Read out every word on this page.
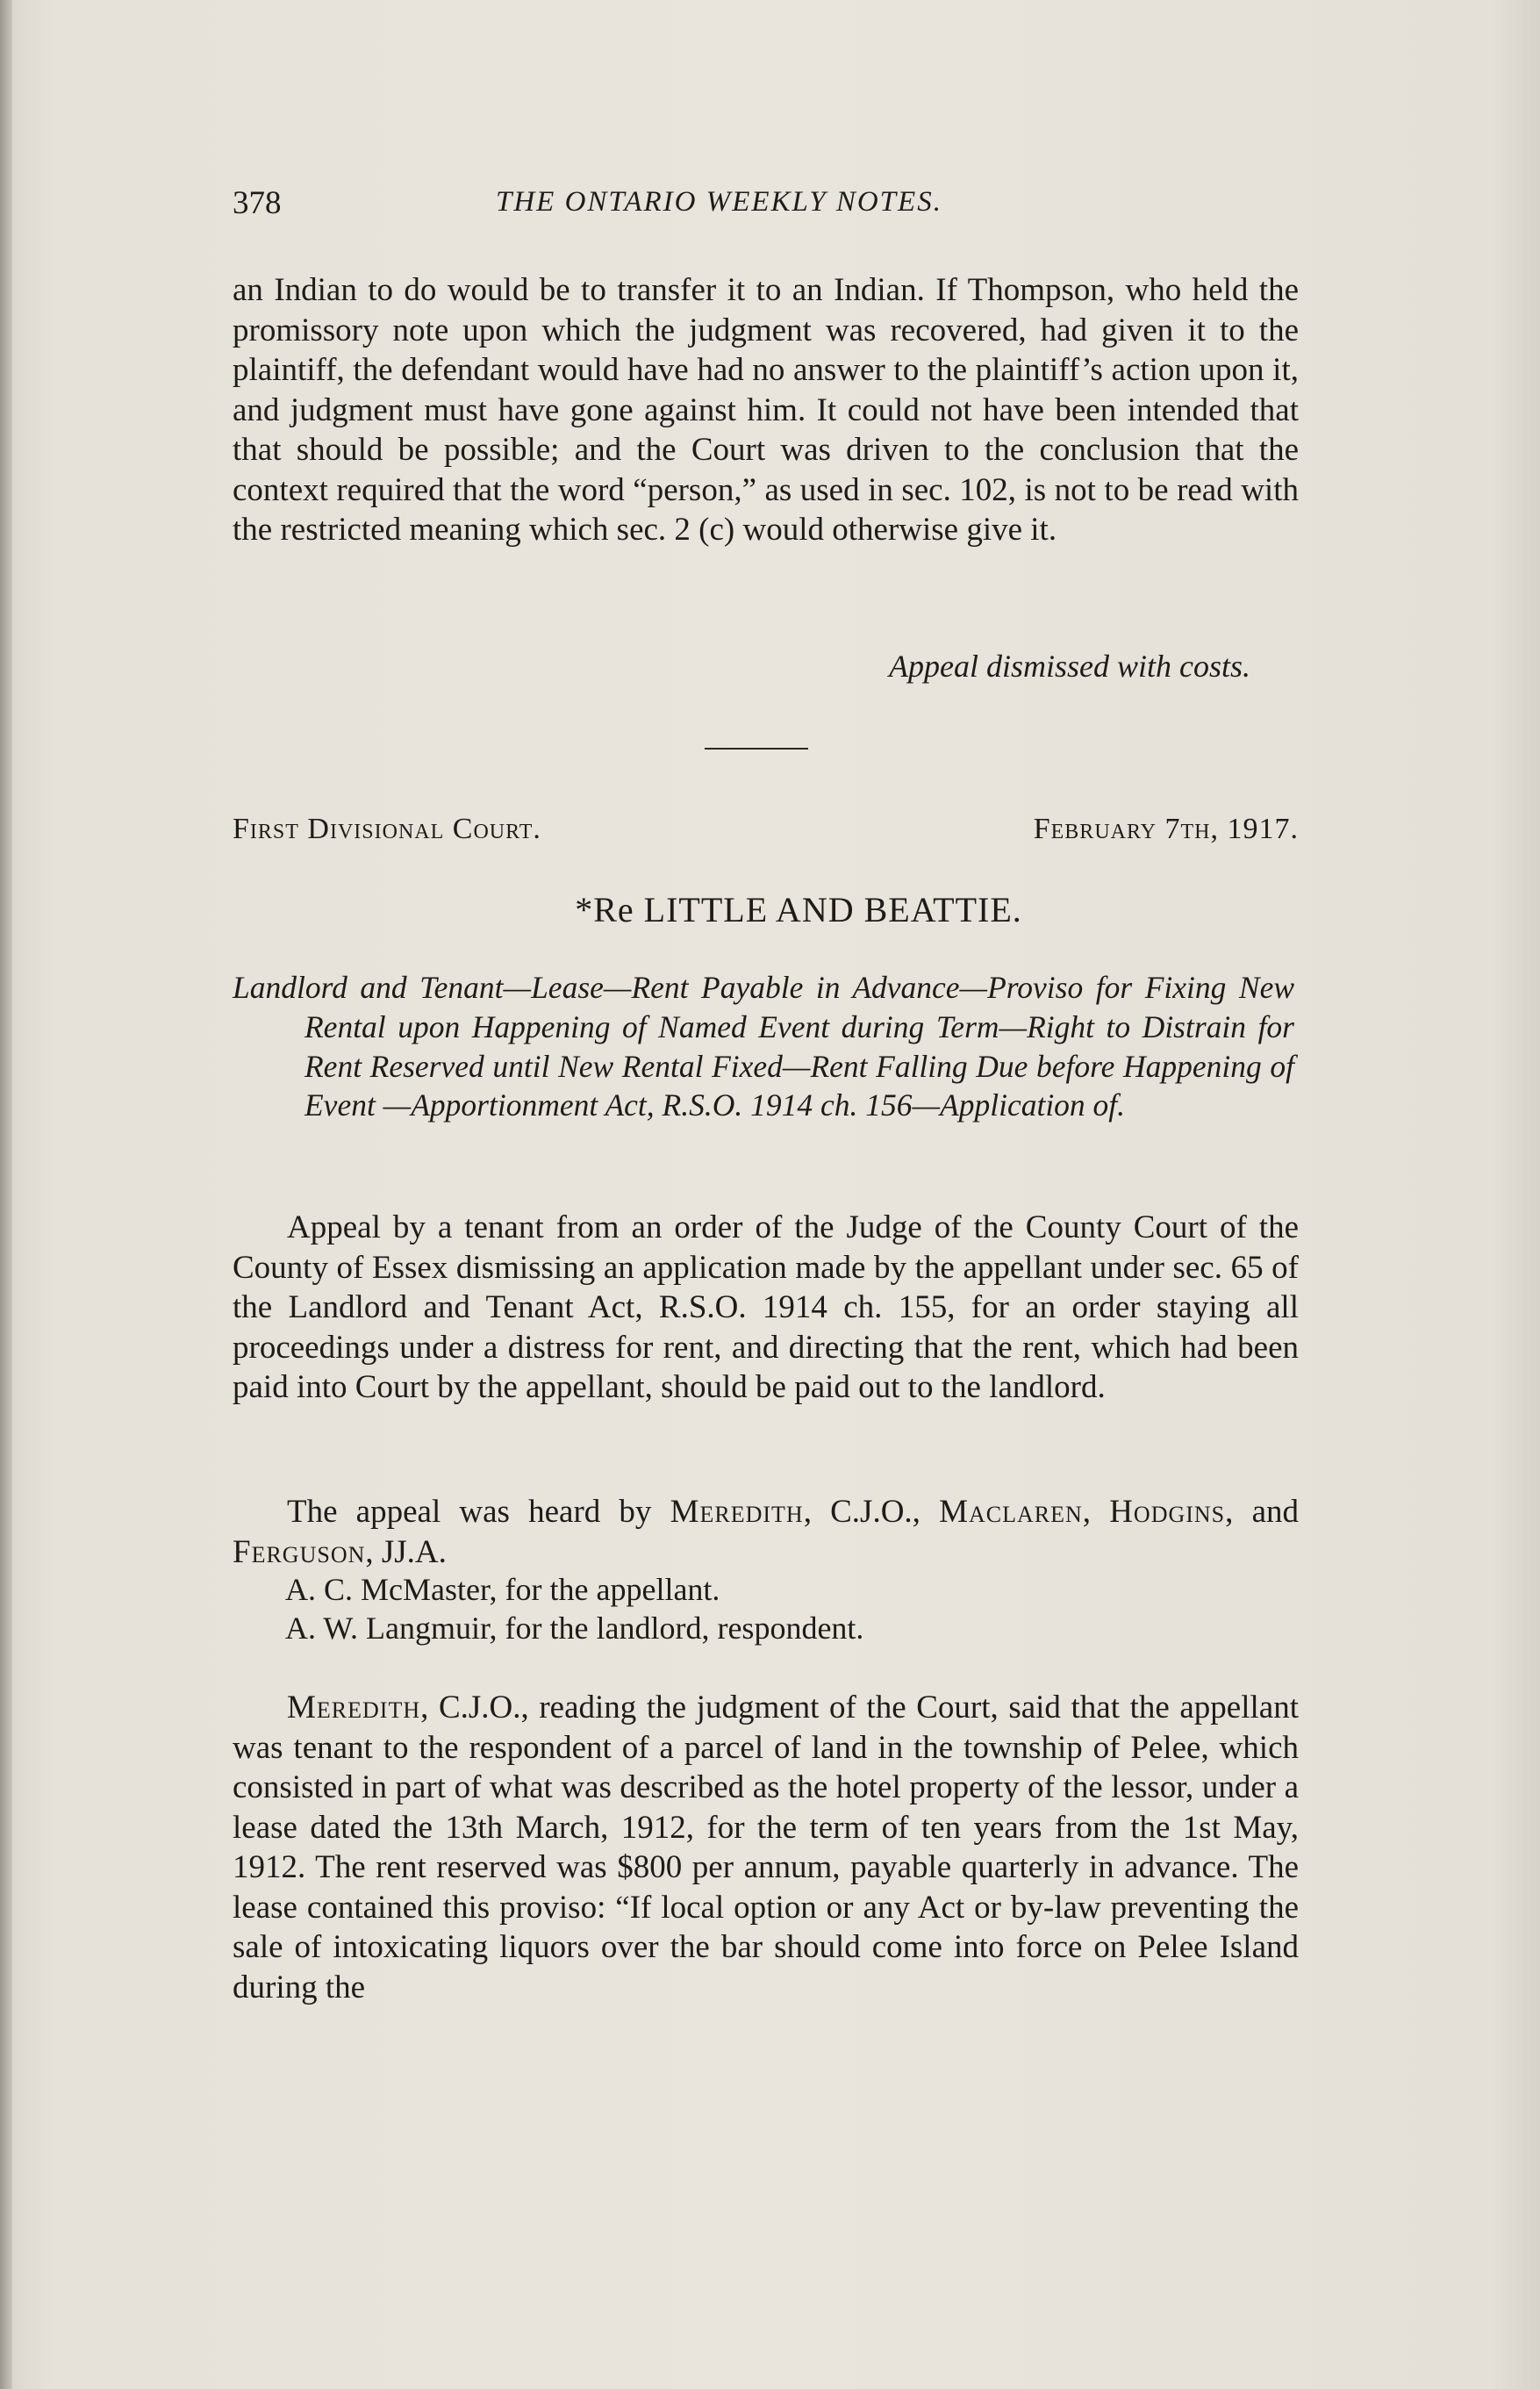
378	THE ONTARIO WEEKLY NOTES.

an Indian to do would be to transfer it to an Indian. If Thompson, who held the promissory note upon which the judgment was recovered, had given it to the plaintiff, the defendant would have had no answer to the plaintiff’s action upon it, and judgment must have gone against him. It could not have been intended that that should be possible; and the Court was driven to the conclusion that the context required that the word “person,” as used in sec. 102, is not to be read with the restricted meaning which sec. 2 (c) would otherwise give it.

Appeal dismissed with costs.
First Divisional Court.	February 7th, 1917.
*Re LITTLE AND BEATTIE.

Landlord and Tenant—Lease—Rent Payable in Advance—Proviso for Fixing New Rental upon Happening of Named Event during Term—Right to Distrain for Rent Reserved until New Rental Fixed—Rent Falling Due before Happening of Event —Apportionment Act, R.S.O. 1914 ch. 156—Application of.

Appeal by a tenant from an order of the Judge of the County Court of the County of Essex dismissing an application made by the appellant under sec. 65 of the Landlord and Tenant Act, R.S.O. 1914 ch. 155, for an order staying all proceedings under a distress for rent, and directing that the rent, which had been paid into Court by the appellant, should be paid out to the landlord.

The appeal was heard by Meredith, C.J.O., Maclaren, Hodgins, and Ferguson, JJ.A.

A. C. McMaster, for the appellant.
A. W. Langmuir, for the landlord, respondent.

Meredith, C.J.O., reading the judgment of the Court, said that the appellant was tenant to the respondent of a parcel of land in the township of Pelee, which consisted in part of what was described as the hotel property of the lessor, under a lease dated the 13th March, 1912, for the term of ten years from the 1st May, 1912. The rent reserved was $800 per annum, payable quarterly in advance. The lease contained this proviso: “If local option or any Act or by-law preventing the sale of intoxicating liquors over the bar should come into force on Pelee Island during the
